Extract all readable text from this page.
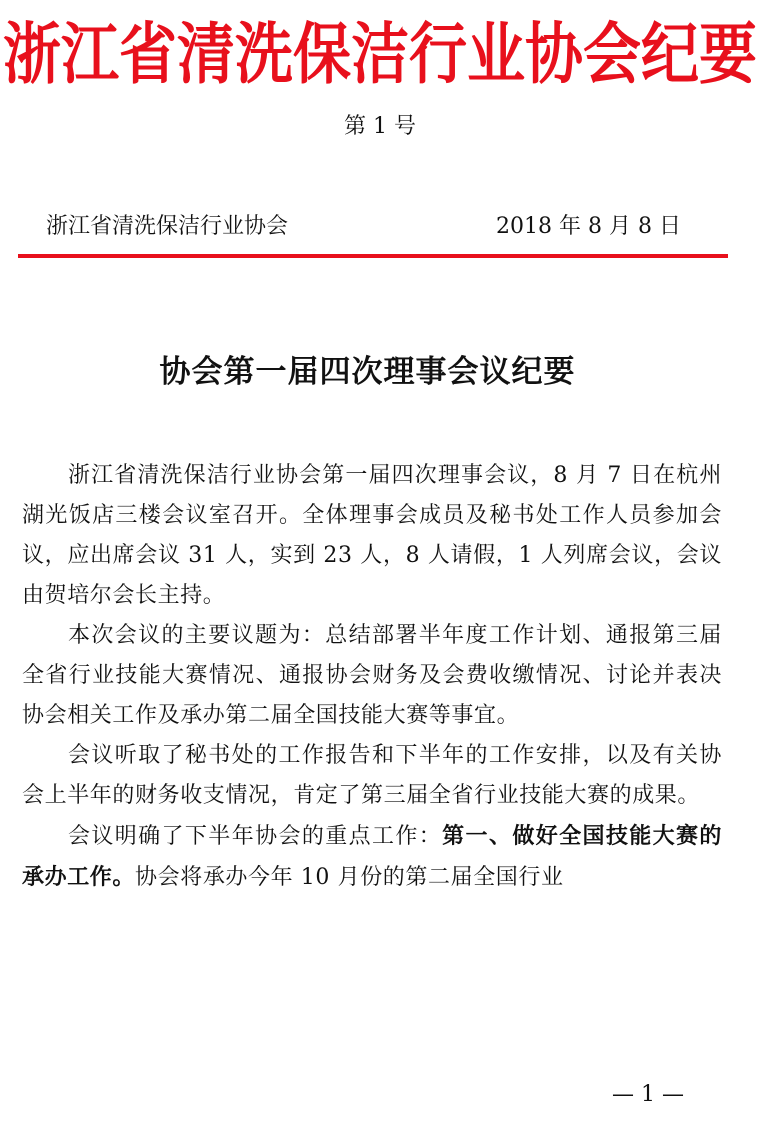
浙江省清洗保洁行业协会纪要
第 1 号
浙江省清洗保洁行业协会	2018 年 8 月 8 日
协会第一届四次理事会议纪要

浙江省清洗保洁行业协会第一届四次理事会议，8 月 7 日在杭州湖光饭店三楼会议室召开。全体理事会成员及秘书处工作人员参加会议，应出席会议 31 人，实到 23 人，8 人请假，1 人列席会议，会议由贺培尔会长主持。

本次会议的主要议题为：总结部署半年度工作计划、通报第三届全省行业技能大赛情况、通报协会财务及会费收缴情况、讨论并表决协会相关工作及承办第二届全国技能大赛等事宜。

会议听取了秘书处的工作报告和下半年的工作安排，以及有关协会上半年的财务收支情况，肯定了第三届全省行业技能大赛的成果。

会议明确了下半年协会的重点工作：第一、做好全国技能大赛的承办工作。协会将承办今年 10 月份的第二届全国行业

— 1 —
